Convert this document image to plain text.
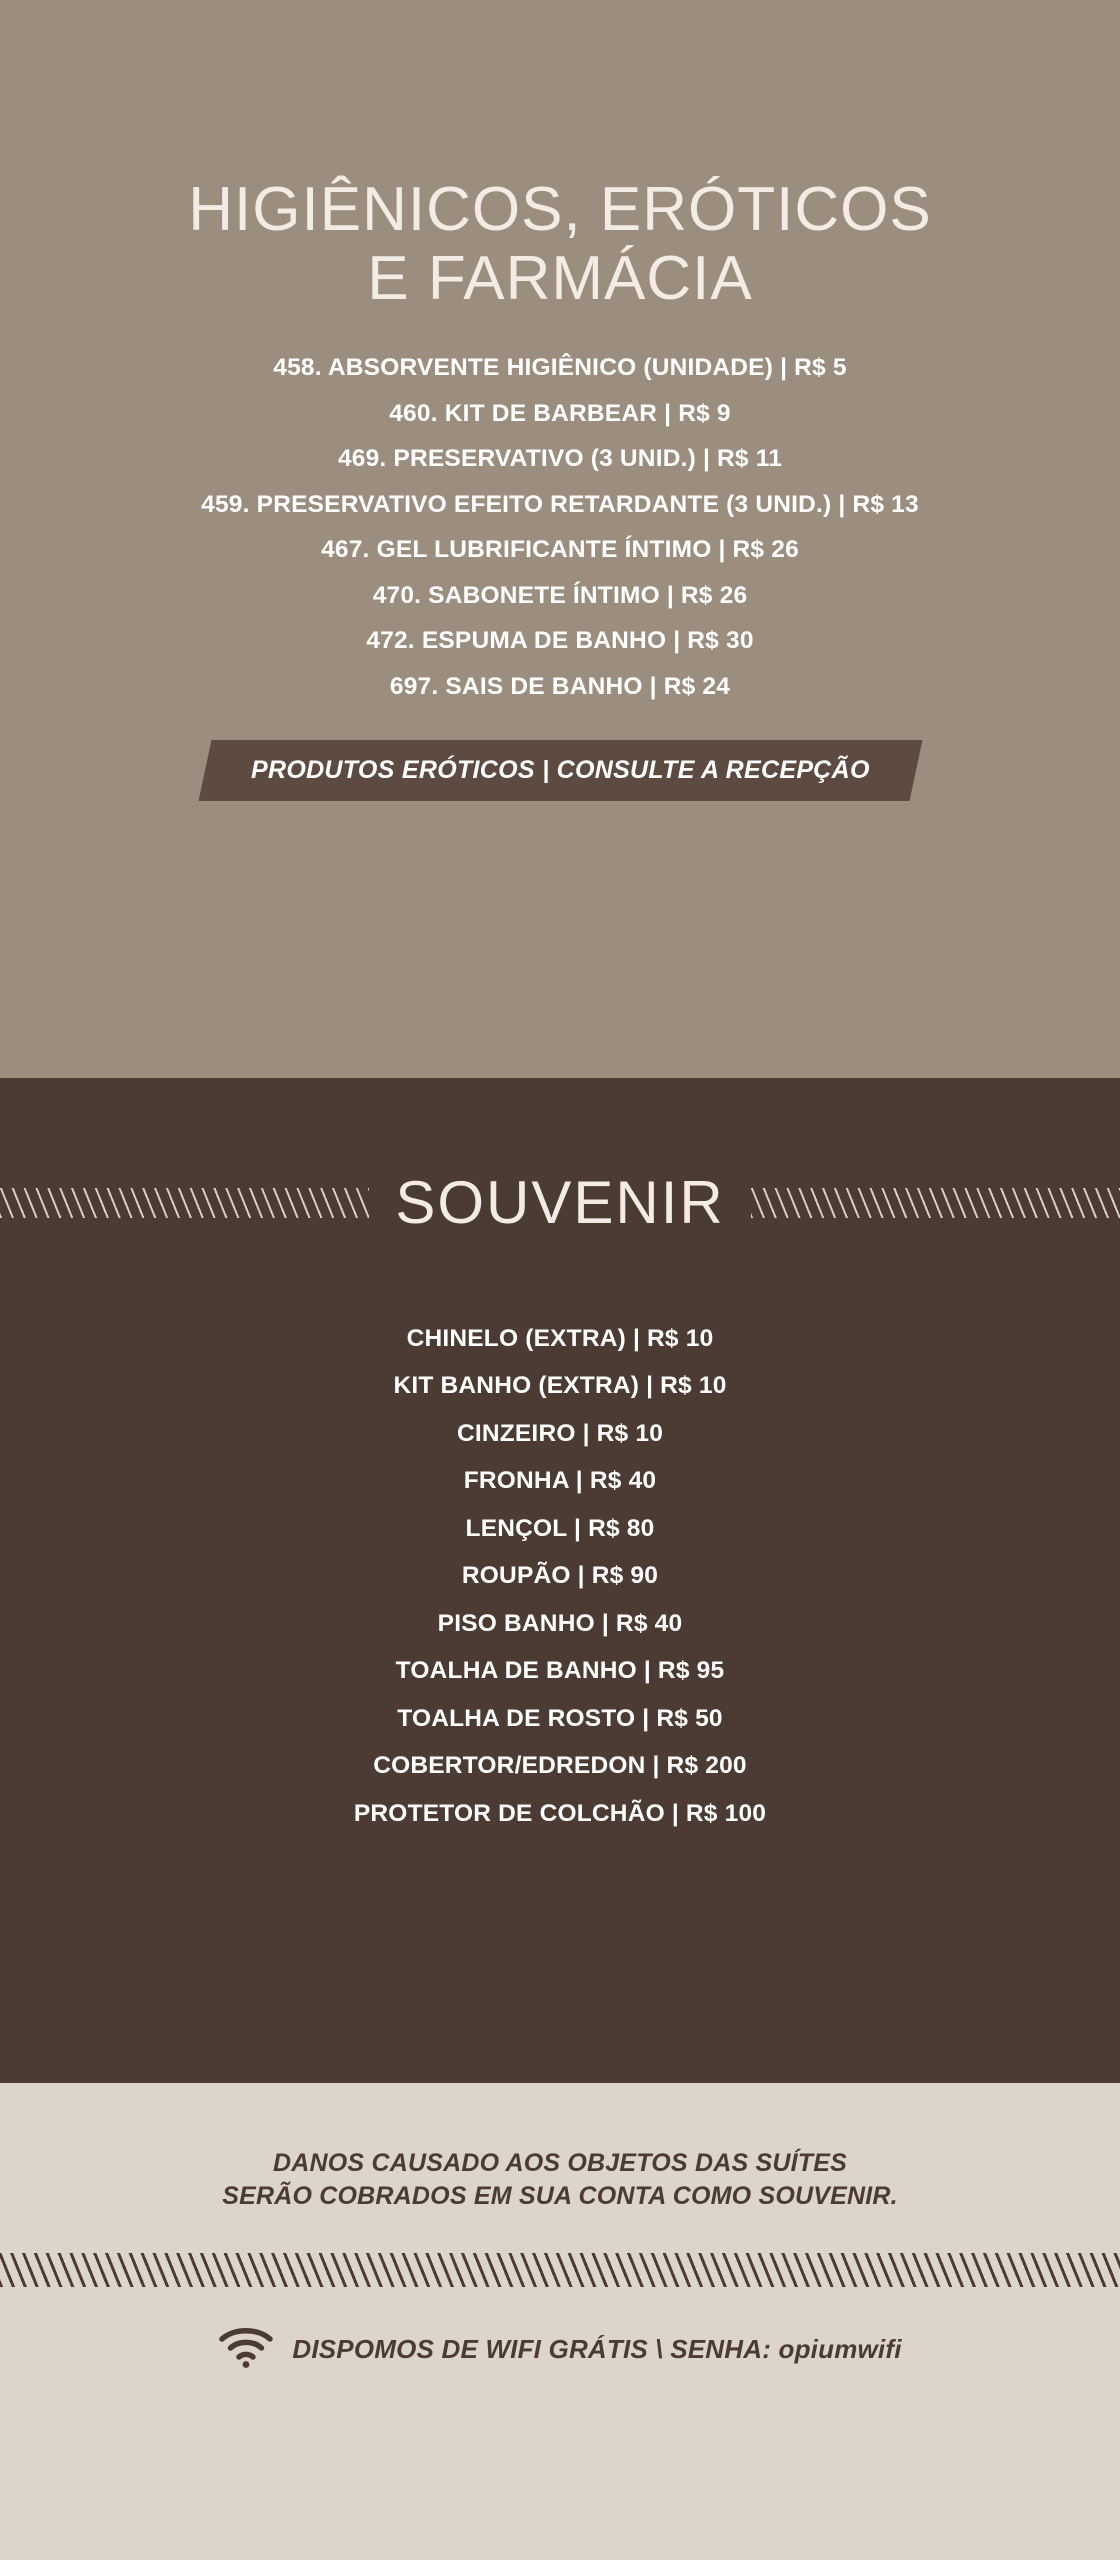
HIGIÊNICOS, ERÓTICOS
E FARMÁCIA
458. ABSORVENTE HIGIÊNICO (UNIDADE) | R$ 5
460. KIT DE BARBEAR | R$ 9
469. PRESERVATIVO (3 UNID.) | R$ 11
459. PRESERVATIVO EFEITO RETARDANTE (3 UNID.) | R$ 13
467. GEL LUBRIFICANTE ÍNTIMO | R$ 26
470. SABONETE ÍNTIMO | R$ 26
472. ESPUMA DE BANHO | R$ 30
697. SAIS DE BANHO | R$ 24
PRODUTOS ERÓTICOS | CONSULTE A RECEPÇÃO
SOUVENIR
CHINELO (EXTRA) | R$ 10
KIT BANHO (EXTRA) | R$ 10
CINZEIRO | R$ 10
FRONHA | R$ 40
LENÇOL | R$ 80
ROUPÃO | R$ 90
PISO BANHO | R$ 40
TOALHA DE BANHO | R$ 95
TOALHA DE ROSTO | R$ 50
COBERTOR/EDREDON | R$ 200
PROTETOR DE COLCHÃO | R$ 100
DANOS CAUSADO AOS OBJETOS DAS SUÍTES
SERÃO COBRADOS EM SUA CONTA COMO SOUVENIR.
DISPOMOS DE WIFI GRÁTIS \ SENHA: opiumwifi
